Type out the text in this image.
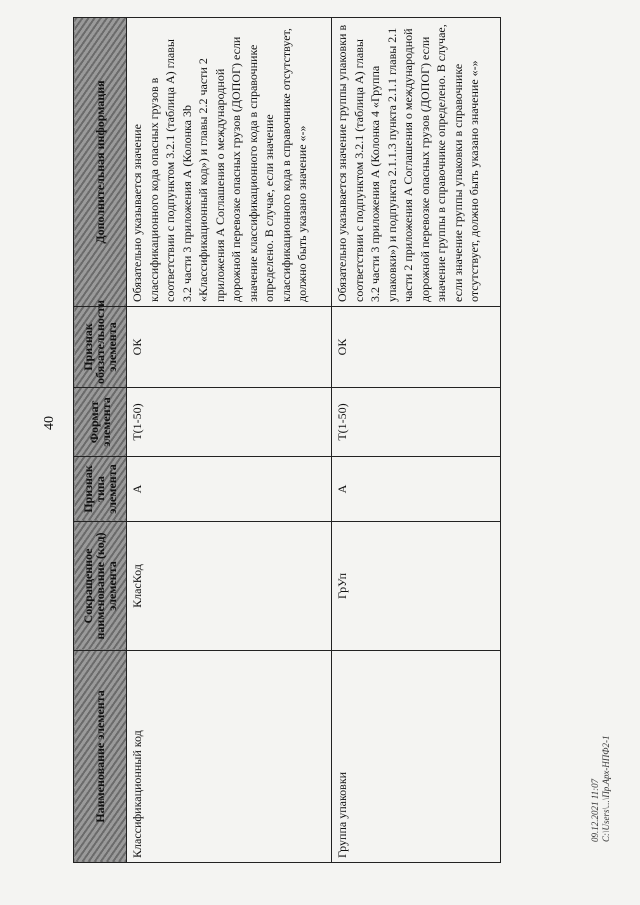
40
Наименование элемента	Сокращенное наименование (код) элемента	Признак типа элемента	Формат элемента	Признак обязательности элемента	Дополнительная информация
Классификационный код	КласКод	А	Т(1-50)	ОК	Обязательно указывается значение классификационного кода опасных грузов в соответствии с подпунктом 3.2.1 (таблица А) главы 3.2 части 3 приложения А (Колонка 3b «Классификационный код») и главы 2.2 части 2 приложения А Соглашения о международной дорожной перевозке опасных грузов (ДОПОГ) если значение классификационного кода в справочнике определено. В случае, если значение классификационного кода в справочнике отсутствует, должно быть указано значение «-»
Группа упаковки	ГрУп	А	Т(1-50)	ОК	Обязательно указывается значение группы упаковки в соответствии с подпунктом 3.2.1 (таблица А) главы 3.2 части 3 приложения А (Колонка 4 «Группа упаковки») и подпункта 2.1.1.3 пункта 2.1.1 главы 2.1 части 2 приложения А Соглашения о международной дорожной перевозке опасных грузов (ДОПОГ) если значение группы в справочнике определено. В случае, если значение группы упаковки в справочнике отсутствует, должно быть указано значение «-»
09.12.2021 11:07 C:\Users\...\Пр.Арх-НПФ2-1
